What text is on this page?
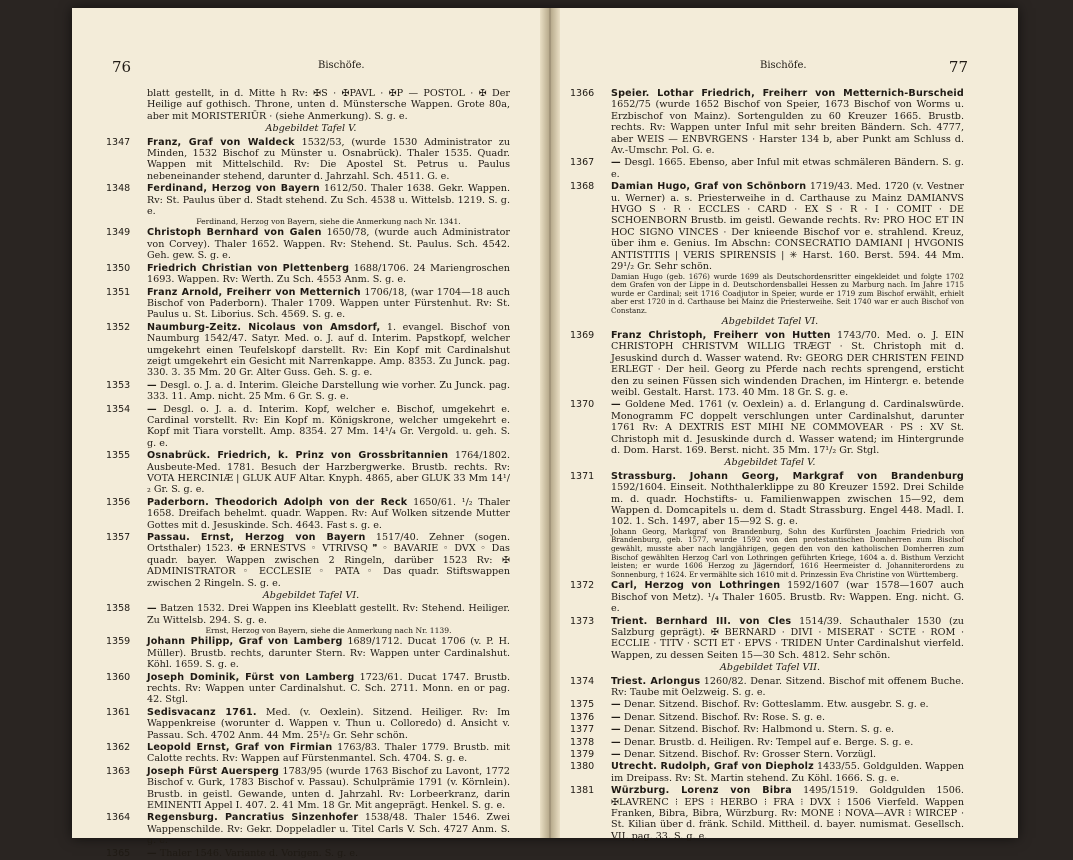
76	Bischöfe.
blatt gestellt, in d. Mitte h Rv: ✠S · ✠PAVL · ✠P — POSTOL · ✠ Der Heilige auf gothisch. Throne, unten d. Münstersche Wappen. Grote 80a, aber mit MORISTERIŪR · (siehe Anmerkung). S. g. e.
Abgebildet Tafel V.
1347 Franz, Graf von Waldeck 1532/53, (wurde 1530 Administrator zu Minden, 1532 Bischof zu Münster u. Osnabrück). Thaler 1535. Quadr. Wappen mit Mittelschild. Rv: Die Apostel St. Petrus u. Paulus nebeneinander stehend, darunter d. Jahrzahl. Sch. 4511. G. e.
1348 Ferdinand, Herzog von Bayern 1612/50. Thaler 1638. Gekr. Wappen. Rv: St. Paulus über d. Stadt stehend. Zu Sch. 4538 u. Wittelsb. 1219. S. g. e.
Ferdinand, Herzog von Bayern, siehe die Anmerkung nach Nr. 1341.
1349 Christoph Bernhard von Galen 1650/78, (wurde auch Administrator von Corvey). Thaler 1652. Wappen. Rv: Stehend. St. Paulus. Sch. 4542. Geh. gew. S. g. e.
1350 Friedrich Christian von Plettenberg 1688/1706. 24 Mariengroschen 1693. Wappen. Rv: Werth. Zu Sch. 4553 Anm. S. g. e.
1351 Franz Arnold, Freiherr von Metternich 1706/18, (war 1704—18 auch Bischof von Paderborn). Thaler 1709. Wappen unter Fürstenhut. Rv: St. Paulus u. St. Liborius. Sch. 4569. S. g. e.
1352 Naumburg-Zeitz. Nicolaus von Amsdorf, 1. evangel. Bischof von Naumburg 1542/47. Satyr. Med. o. J. auf d. Interim. Papstkopf, welcher umgekehrt einen Teufelskopf darstellt. Rv: Ein Kopf mit Cardinalshut zeigt umgekehrt ein Gesicht mit Narrenkappe. Amp. 8353. Zu Junck. pag. 330. 3. 35 Mm. 20 Gr. Alter Guss. Geh. S. g. e.
1353 — Desgl. o. J. a. d. Interim. Gleiche Darstellung wie vorher. Zu Junck. pag. 333. 11. Amp. nicht. 25 Mm. 6 Gr. S. g. e.
1354 — Desgl. o. J. a. d. Interim. Kopf, welcher e. Bischof, umgekehrt e. Cardinal vorstellt. Rv: Ein Kopf m. Königskrone, welcher umgekehrt e. Kopf mit Tiara vorstellt. Amp. 8354. 27 Mm. 14¹/₄ Gr. Vergold. u. geh. S. g. e.
1355 Osnabrück. Friedrich, k. Prinz von Grossbritannien 1764/1802. Ausbeute-Med. 1781. Besuch der Harzbergwerke. Brustb. rechts. Rv: VOTA HERCINIÆ | GLUK AUF Altar. Knyph. 4865, aber GLUK 33 Mm 14¹/₂ Gr. S. g. e.
1356 Paderborn. Theodorich Adolph von der Reck 1650/61. ¹/₂ Thaler 1658. Dreifach behelmt. quadr. Wappen. Rv: Auf Wolken sitzende Mutter Gottes mit d. Jesuskinde. Sch. 4643. Fast s. g. e.
1357 Passau. Ernst, Herzog von Bayern 1517/40. Zehner (sogen. Ortsthaler) 1523. ✠ ERNESTVS ◦ VTRIVSQ ❞ ◦ BAVARIE ◦ DVX ◦ Das quadr. bayer. Wappen zwischen 2 Ringeln, darüber 1523 Rv: ✠ ADMINISTRATOR ◦ ECCLESIE ◦ PATA ◦ Das quadr. Stiftswappen zwischen 2 Ringeln. S. g. e.
Abgebildet Tafel VI.
1358 — Batzen 1532. Drei Wappen ins Kleeblatt gestellt. Rv: Stehend. Heiliger. Zu Wittelsb. 294. S. g. e.
Ernst, Herzog von Bayern, siehe die Anmerkung nach Nr. 1139.
1359 Johann Philipp, Graf von Lamberg 1689/1712. Ducat 1706 (v. P. H. Müller). Brustb. rechts, darunter Stern. Rv: Wappen unter Cardinalshut. Köhl. 1659. S. g. e.
1360 Joseph Dominik, Fürst von Lamberg 1723/61. Ducat 1747. Brustb. rechts. Rv: Wappen unter Cardinalshut. C. Sch. 2711. Monn. en or pag. 42. Stgl.
1361 Sedisvacanz 1761. Med. (v. Oexlein). Sitzend. Heiliger. Rv: Im Wappenkreise (worunter d. Wappen v. Thun u. Colloredo) d. Ansicht v. Passau. Sch. 4702 Anm. 44 Mm. 25¹/₂ Gr. Sehr schön.
1362 Leopold Ernst, Graf von Firmian 1763/83. Thaler 1779. Brustb. mit Calotte rechts. Rv: Wappen auf Fürstenmantel. Sch. 4704. S. g. e.
1363 Joseph Fürst Auersperg 1783/95 (wurde 1763 Bischof zu Lavont, 1772 Bischof v. Gurk, 1783 Bischof v. Passau). Schulprämie 1791 (v. Körnlein). Brustb. in geistl. Gewande, unten d. Jahrzahl. Rv: Lorbeerkranz, darin EMINENTI Appel I. 407. 2. 41 Mm. 18 Gr. Mit angeprägt. Henkel. S. g. e.
1364 Regensburg. Pancratius Sinzenhofer 1538/48. Thaler 1546. Zwei Wappenschilde. Rv: Gekr. Doppeladler u. Titel Carls V. Sch. 4727 Anm. S. g. e.
1365 — Thaler 1546. Variante d. Vorigen. S. g. e.
Bischöfe.	77
1366 Speier. Lothar Friedrich, Freiherr von Metternich-Burscheid 1652/75 (wurde 1652 Bischof von Speier, 1673 Bischof von Worms u. Erzbischof von Mainz). Sortengulden zu 60 Kreuzer 1665. Brustb. rechts. Rv: Wappen unter Inful mit sehr breiten Bändern. Sch. 4777, aber WEIS — ENBVRGENS · Harster 134 b, aber Punkt am Schluss d. Av.-Umschr. Pol. G. e.
1367 — Desgl. 1665. Ebenso, aber Inful mit etwas schmäleren Bändern. S. g. e.
1368 Damian Hugo, Graf von Schönborn 1719/43. Med. 1720 (v. Vestner u. Werner) a. s. Priesterweihe in d. Carthause zu Mainz DAMIANVS HVGO S · R · ECCLES · CARD · EX S · R · I · COMIT · DE SCHOENBORN Brustb. im geistl. Gewande rechts. Rv: PRO HOC ET IN HOC SIGNO VINCES · Der knieende Bischof vor e. strahlend. Kreuz, über ihm e. Genius. Im Abschn: CONSECRATIO DAMIANI | HVGONIS ANTISTITIS | VERIS SPIRENSIS | ✳ Harst. 160. Berst. 594. 44 Mm. 29¹/₂ Gr. Sehr schön.
Damian Hugo (geb. 1676) wurde 1699 als Deutschordensritter eingekleidet und folgte 1702 dem Grafen von der Lippe in d. Deutschordensballei Hessen zu Marburg nach. Im Jahre 1715 wurde er Cardinal; seit 1716 Coadjutor in Speier, wurde er 1719 zum Bischof erwählt, erhielt aber erst 1720 in d. Carthause bei Mainz die Priesterweihe. Seit 1740 war er auch Bischof von Constanz.
Abgebildet Tafel VI.
1369 Franz Christoph, Freiherr von Hutten 1743/70. Med. o. J. EIN CHRISTOPH CHRISTVM WILLIG TRÆGT · St. Christoph mit d. Jesuskind durch d. Wasser watend. Rv: GEORG DER CHRISTEN FEIND ERLEGT · Der heil. Georg zu Pferde nach rechts sprengend, ersticht den zu seinen Füssen sich windenden Drachen, im Hintergr. e. betende weibl. Gestalt. Harst. 173. 40 Mm. 18 Gr. S. g. e.
1370 — Goldene Med. 1761 (v. Oexlein) a. d. Erlangung d. Cardinalswürde. Monogramm FC doppelt verschlungen unter Cardinalshut, darunter 1761 Rv: A DEXTRIS EST MIHI NE COMMOVEAR · PS : XV St. Christoph mit d. Jesuskinde durch d. Wasser watend; im Hintergrunde d. Dom. Harst. 169. Berst. nicht. 35 Mm. 17¹/₂ Gr. Stgl.
Abgebildet Tafel V.
1371 Strassburg. Johann Georg, Markgraf von Brandenburg 1592/1604. Einseit. Noththalerklippe zu 80 Kreuzer 1592. Drei Schilde m. d. quadr. Hochstifts- u. Familienwappen zwischen 15—92, dem Wappen d. Domcapitels u. dem d. Stadt Strassburg. Engel 448. Madl. I. 102. 1. Sch. 1497, aber 15—92 S. g. e.
Johann Georg, Markgraf von Brandenburg, Sohn des Kurfürsten Joachim Friedrich von Brandenburg, geb. 1577, wurde 1592 von den protestantischen Domherren zum Bischof gewählt, musste aber nach langjährigen, gegen den von den katholischen Domherren zum Bischof gewählten Herzog Carl von Lothringen geführten Kriege, 1604 a. d. Bisthum Verzicht leisten; er wurde 1606 Herzog zu Jägerndorf, 1616 Heermeister d. Johanniterordens zu Sonnenburg, † 1624. Er vermählte sich 1610 mit d. Prinzessin Eva Christine von Württemberg.
1372 Carl, Herzog von Lothringen 1592/1607 (war 1578—1607 auch Bischof von Metz). ¹/₄ Thaler 1605. Brustb. Rv: Wappen. Eng. nicht. G. e.
1373 Trient. Bernhard III. von Cles 1514/39. Schauthaler 1530 (zu Salzburg geprägt). ✠ BERNARD · DIVI · MISERAT · SCTE · ROM · ECCLIE · TITV · SCTI ET · EPVS · TRIDEN Unter Cardinalshut vierfeld. Wappen, zu dessen Seiten 15—30 Sch. 4812. Sehr schön.
Abgebildet Tafel VII.
1374 Triest. Arlongus 1260/82. Denar. Sitzend. Bischof mit offenem Buche. Rv: Taube mit Oelzweig. S. g. e.
1375 — Denar. Sitzend. Bischof. Rv: Gotteslamm. Etw. ausgebr. S. g. e.
1376 — Denar. Sitzend. Bischof. Rv: Rose. S. g. e.
1377 — Denar. Sitzend. Bischof. Rv: Halbmond u. Stern. S. g. e.
1378 — Denar. Brustb. d. Heiligen. Rv: Tempel auf e. Berge. S. g. e.
1379 — Denar. Sitzend. Bischof. Rv: Grosser Stern. Vorzügl.
1380 Utrecht. Rudolph, Graf von Diepholz 1433/55. Goldgulden. Wappen im Dreipass. Rv: St. Martin stehend. Zu Köhl. 1666. S. g. e.
1381 Würzburg. Lorenz von Bibra 1495/1519. Goldgulden 1506. ✠LAVRENC ⁝ EPS ⁝ HERBO ⁝ FRA ⁝ DVX ⁝ 1506 Vierfeld. Wappen Franken, Bibra, Bibra, Würzburg. Rv: MONE ⁝ NOVA—AVR ⁝ WIRCEP · St. Kilian über d. fränk. Schild. Mittheil. d. bayer. numismat. Gesellsch. VII. pag. 33. S. g. e.
